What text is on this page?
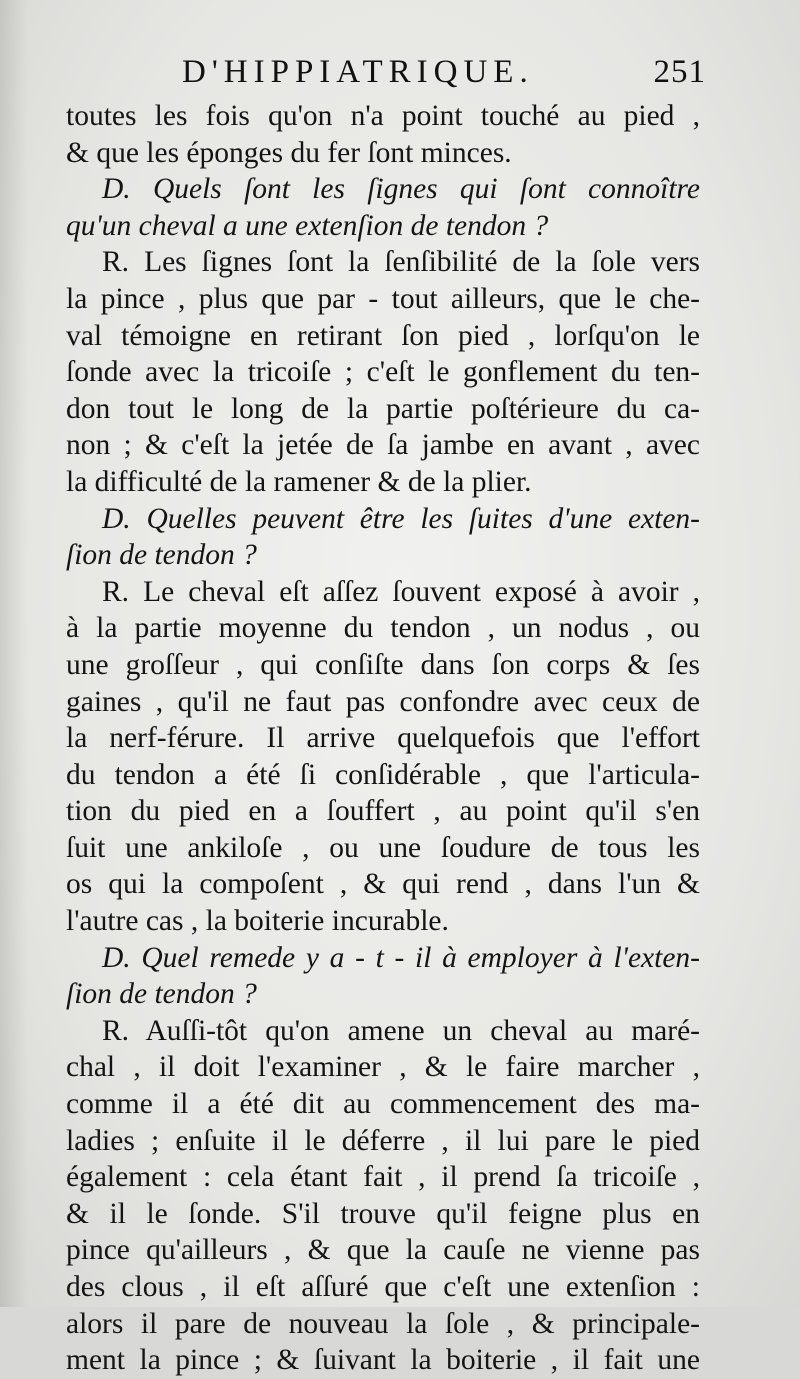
D'HIPPIATRIQUE.	251
toutes les fois qu'on n'a point touché au pied ,
& que les éponges du fer ſont minces.
D. Quels ſont les ſignes qui ſont connoître
qu'un cheval a une extenſion de tendon ?
R. Les ſignes ſont la ſenſibilité de la ſole vers
la pince , plus que par - tout ailleurs, que le che-
val témoigne en retirant ſon pied , lorſqu'on le
ſonde avec la tricoiſe ; c'eſt le gonflement du ten-
don tout le long de la partie poſtérieure du ca-
non ; & c'eſt la jetée de ſa jambe en avant , avec
la difficulté de la ramener & de la plier.
D. Quelles peuvent être les ſuites d'une exten-
ſion de tendon ?
R. Le cheval eſt aſſez ſouvent exposé à avoir ,
à la partie moyenne du tendon , un nodus , ou
une groſſeur , qui conſiſte dans ſon corps & ſes
gaines , qu'il ne faut pas confondre avec ceux de
la nerf-férure. Il arrive quelquefois que l'effort
du tendon a été ſi conſidérable , que l'articula-
tion du pied en a ſouffert , au point qu'il s'en
ſuit une ankiloſe , ou une ſoudure de tous les
os qui la compoſent , & qui rend , dans l'un &
l'autre cas , la boiterie incurable.
D. Quel remede y a - t - il à employer à l'exten-
ſion de tendon ?
R. Auſſi-tôt qu'on amene un cheval au maré-
chal , il doit l'examiner , & le faire marcher ,
comme il a été dit au commencement des ma-
ladies ; enſuite il le déferre , il lui pare le pied
également : cela étant fait , il prend ſa tricoiſe ,
& il le ſonde. S'il trouve qu'il feigne plus en
pince qu'ailleurs , & que la cauſe ne vienne pas
des clous , il eſt aſſuré que c'eſt une extenſion :
alors il pare de nouveau la ſole , & principale-
ment la pince ; & ſuivant la boiterie , il fait une
